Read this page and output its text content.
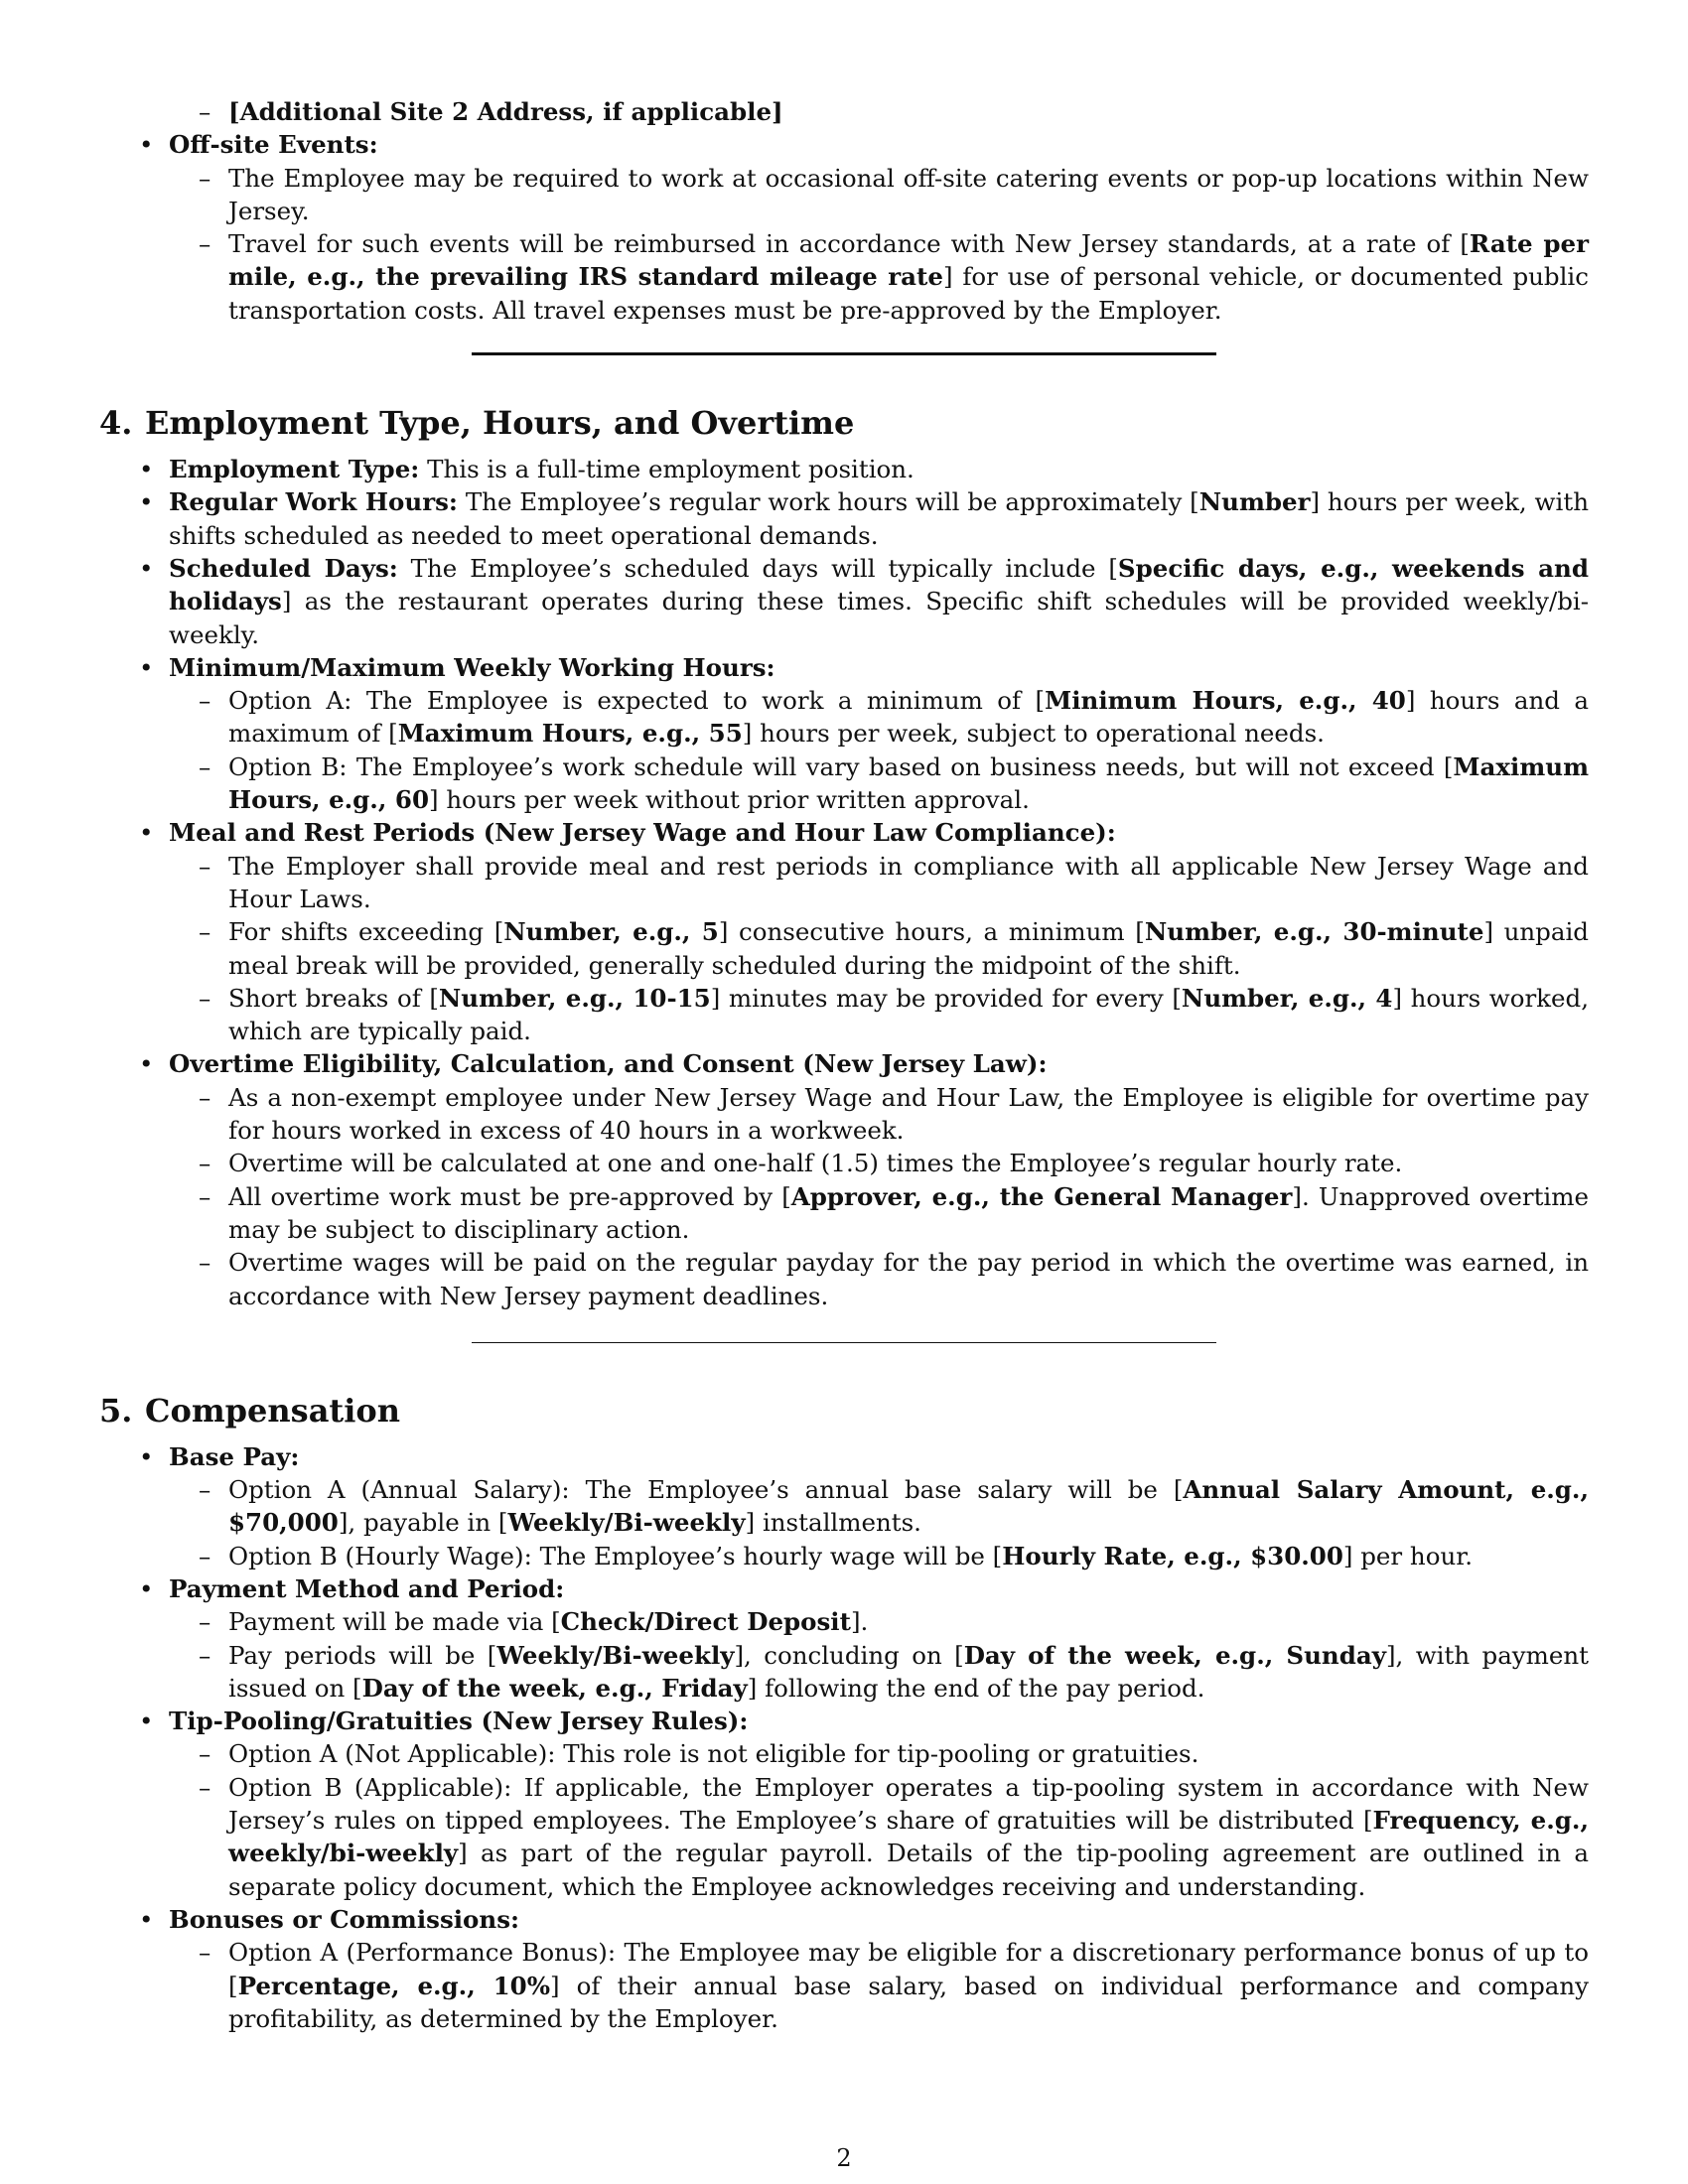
– [Additional Site 2 Address, if applicable]
• Off-site Events:
– The Employee may be required to work at occasional off-site catering events or pop-up locations within New Jersey.
– Travel for such events will be reimbursed in accordance with New Jersey standards, at a rate of [Rate per mile, e.g., the prevailing IRS standard mileage rate] for use of personal vehicle, or documented public transportation costs. All travel expenses must be pre-approved by the Employer.
4. Employment Type, Hours, and Overtime
• Employment Type: This is a full-time employment position.
• Regular Work Hours: The Employee’s regular work hours will be approximately [Number] hours per week, with shifts scheduled as needed to meet operational demands.
• Scheduled Days: The Employee’s scheduled days will typically include [Specific days, e.g., weekends and holidays] as the restaurant operates during these times. Specific shift schedules will be provided weekly/bi-weekly.
• Minimum/Maximum Weekly Working Hours:
– Option A: The Employee is expected to work a minimum of [Minimum Hours, e.g., 40] hours and a maximum of [Maximum Hours, e.g., 55] hours per week, subject to operational needs.
– Option B: The Employee’s work schedule will vary based on business needs, but will not exceed [Maximum Hours, e.g., 60] hours per week without prior written approval.
• Meal and Rest Periods (New Jersey Wage and Hour Law Compliance):
– The Employer shall provide meal and rest periods in compliance with all applicable New Jersey Wage and Hour Laws.
– For shifts exceeding [Number, e.g., 5] consecutive hours, a minimum [Number, e.g., 30-minute] unpaid meal break will be provided, generally scheduled during the midpoint of the shift.
– Short breaks of [Number, e.g., 10-15] minutes may be provided for every [Number, e.g., 4] hours worked, which are typically paid.
• Overtime Eligibility, Calculation, and Consent (New Jersey Law):
– As a non-exempt employee under New Jersey Wage and Hour Law, the Employee is eligible for overtime pay for hours worked in excess of 40 hours in a workweek.
– Overtime will be calculated at one and one-half (1.5) times the Employee’s regular hourly rate.
– All overtime work must be pre-approved by [Approver, e.g., the General Manager]. Unapproved overtime may be subject to disciplinary action.
– Overtime wages will be paid on the regular payday for the pay period in which the overtime was earned, in accordance with New Jersey payment deadlines.
5. Compensation
• Base Pay:
– Option A (Annual Salary): The Employee’s annual base salary will be [Annual Salary Amount, e.g., $70,000], payable in [Weekly/Bi-weekly] installments.
– Option B (Hourly Wage): The Employee’s hourly wage will be [Hourly Rate, e.g., $30.00] per hour.
• Payment Method and Period:
– Payment will be made via [Check/Direct Deposit].
– Pay periods will be [Weekly/Bi-weekly], concluding on [Day of the week, e.g., Sunday], with payment issued on [Day of the week, e.g., Friday] following the end of the pay period.
• Tip-Pooling/Gratuities (New Jersey Rules):
– Option A (Not Applicable): This role is not eligible for tip-pooling or gratuities.
– Option B (Applicable): If applicable, the Employer operates a tip-pooling system in accordance with New Jersey’s rules on tipped employees. The Employee’s share of gratuities will be distributed [Frequency, e.g., weekly/bi-weekly] as part of the regular payroll. Details of the tip-pooling agreement are outlined in a separate policy document, which the Employee acknowledges receiving and understanding.
• Bonuses or Commissions:
– Option A (Performance Bonus): The Employee may be eligible for a discretionary performance bonus of up to [Percentage, e.g., 10%] of their annual base salary, based on individual performance and company profitability, as determined by the Employer.
2
